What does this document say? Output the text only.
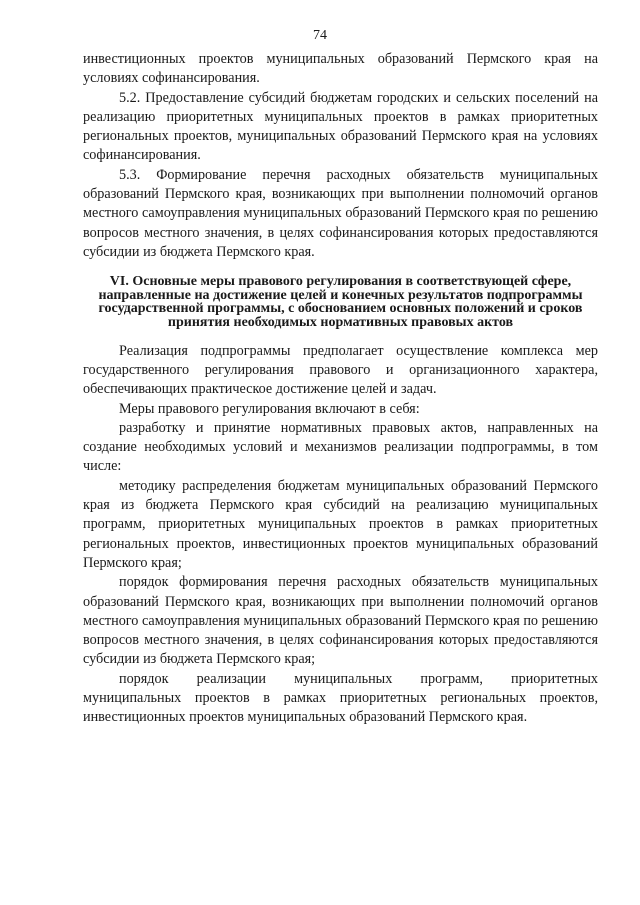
74

инвестиционных проектов муниципальных образований Пермского края на условиях софинансирования.

5.2. Предоставление субсидий бюджетам городских и сельских поселений на реализацию приоритетных муниципальных проектов в рамках приоритетных региональных проектов, муниципальных образований Пермского края на условиях софинансирования.

5.3. Формирование перечня расходных обязательств муниципальных образований Пермского края, возникающих при выполнении полномочий органов местного самоуправления муниципальных образований Пермского края по решению вопросов местного значения, в целях софинансирования которых предоставляются субсидии из бюджета Пермского края.

VI. Основные меры правового регулирования в соответствующей сфере, направленные на достижение целей и конечных результатов подпрограммы государственной программы, с обоснованием основных положений и сроков принятия необходимых нормативных правовых актов

Реализация подпрограммы предполагает осуществление комплекса мер государственного регулирования правового и организационного характера, обеспечивающих практическое достижение целей и задач.

Меры правового регулирования включают в себя:

разработку и принятие нормативных правовых актов, направленных на создание необходимых условий и механизмов реализации подпрограммы, в том числе:

методику распределения бюджетам муниципальных образований Пермского края из бюджета Пермского края субсидий на реализацию муниципальных программ, приоритетных муниципальных проектов в рамках приоритетных региональных проектов, инвестиционных проектов муниципальных образований Пермского края;

порядок формирования перечня расходных обязательств муниципальных образований Пермского края, возникающих при выполнении полномочий органов местного самоуправления муниципальных образований Пермского края по решению вопросов местного значения, в целях софинансирования которых предоставляются субсидии из бюджета Пермского края;

порядок реализации муниципальных программ, приоритетных муниципальных проектов в рамках приоритетных региональных проектов, инвестиционных проектов муниципальных образований Пермского края.
